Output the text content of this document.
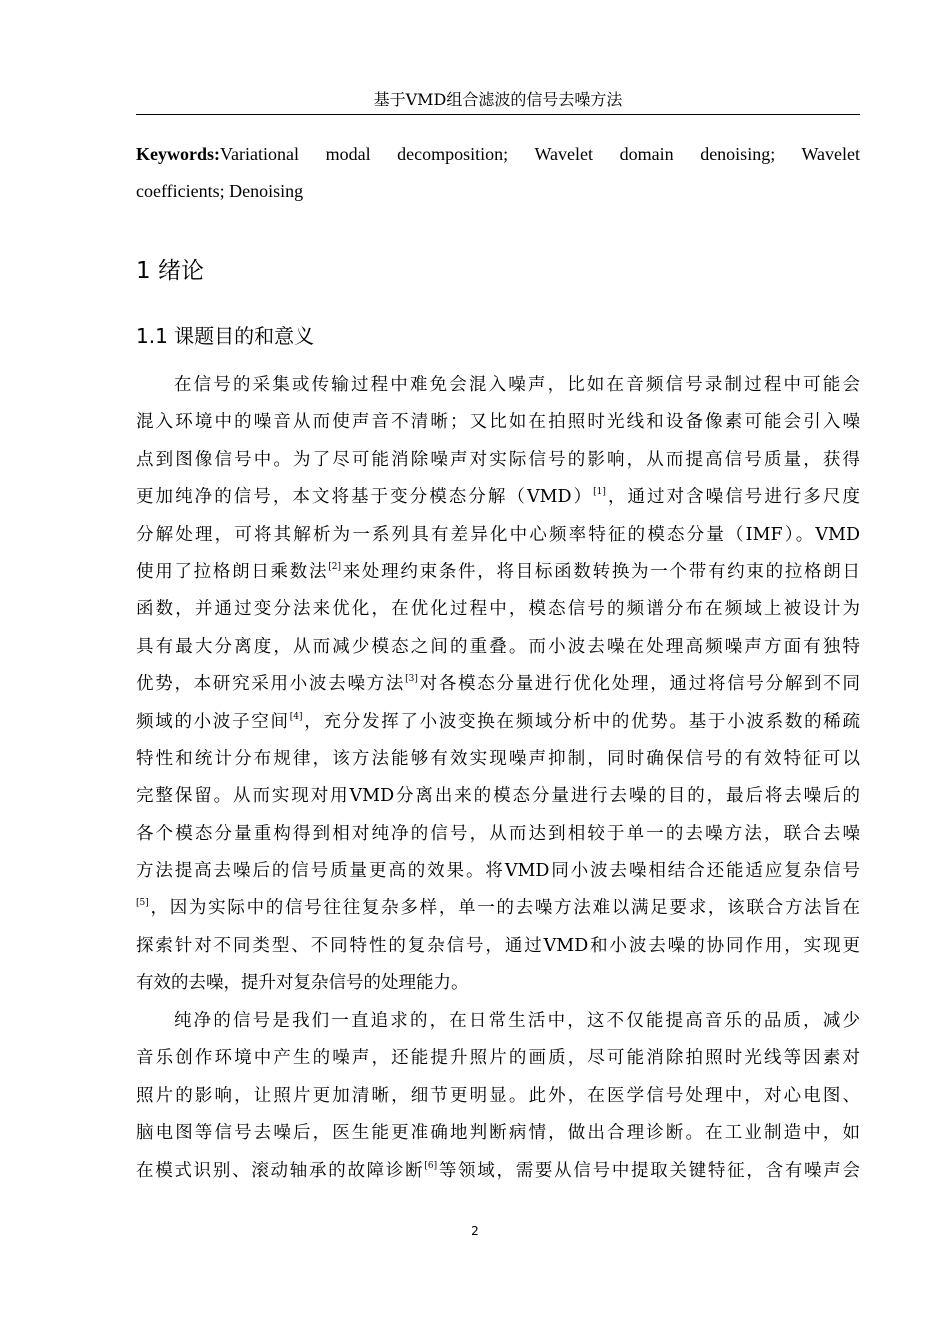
基于VMD组合滤波的信号去噪方法

Keywords:Variational modal decomposition; Wavelet domain denoising; Wavelet
coefficients; Denoising

1 绪论
1.1 课题目的和意义

在信号的采集或传输过程中难免会混入噪声，比如在音频信号录制过程中可能会
混入环境中的噪音从而使声音不清晰；又比如在拍照时光线和设备像素可能会引入噪
点到图像信号中。为了尽可能消除噪声对实际信号的影响，从而提高信号质量，获得
更加纯净的信号，本文将基于变分模态分解（VMD）[1]，通过对含噪信号进行多尺度
分解处理，可将其解析为一系列具有差异化中心频率特征的模态分量（IMF）。VMD
使用了拉格朗日乘数法[2]来处理约束条件，将目标函数转换为一个带有约束的拉格朗日
函数，并通过变分法来优化，在优化过程中，模态信号的频谱分布在频域上被设计为
具有最大分离度，从而减少模态之间的重叠。而小波去噪在处理高频噪声方面有独特
优势，本研究采用小波去噪方法[3]对各模态分量进行优化处理，通过将信号分解到不同
频域的小波子空间[4]，充分发挥了小波变换在频域分析中的优势。基于小波系数的稀疏
特性和统计分布规律，该方法能够有效实现噪声抑制，同时确保信号的有效特征可以
完整保留。从而实现对用VMD分离出来的模态分量进行去噪的目的，最后将去噪后的
各个模态分量重构得到相对纯净的信号，从而达到相较于单一的去噪方法，联合去噪
方法提高去噪后的信号质量更高的效果。将VMD同小波去噪相结合还能适应复杂信号
[5]，因为实际中的信号往往复杂多样，单一的去噪方法难以满足要求，该联合方法旨在
探索针对不同类型、不同特性的复杂信号，通过VMD和小波去噪的协同作用，实现更
有效的去噪，提升对复杂信号的处理能力。

纯净的信号是我们一直追求的，在日常生活中，这不仅能提高音乐的品质，减少
音乐创作环境中产生的噪声，还能提升照片的画质，尽可能消除拍照时光线等因素对
照片的影响，让照片更加清晰，细节更明显。此外，在医学信号处理中，对心电图、
脑电图等信号去噪后，医生能更准确地判断病情，做出合理诊断。在工业制造中，如
在模式识别、滚动轴承的故障诊断[6]等领域，需要从信号中提取关键特征，含有噪声会

2
